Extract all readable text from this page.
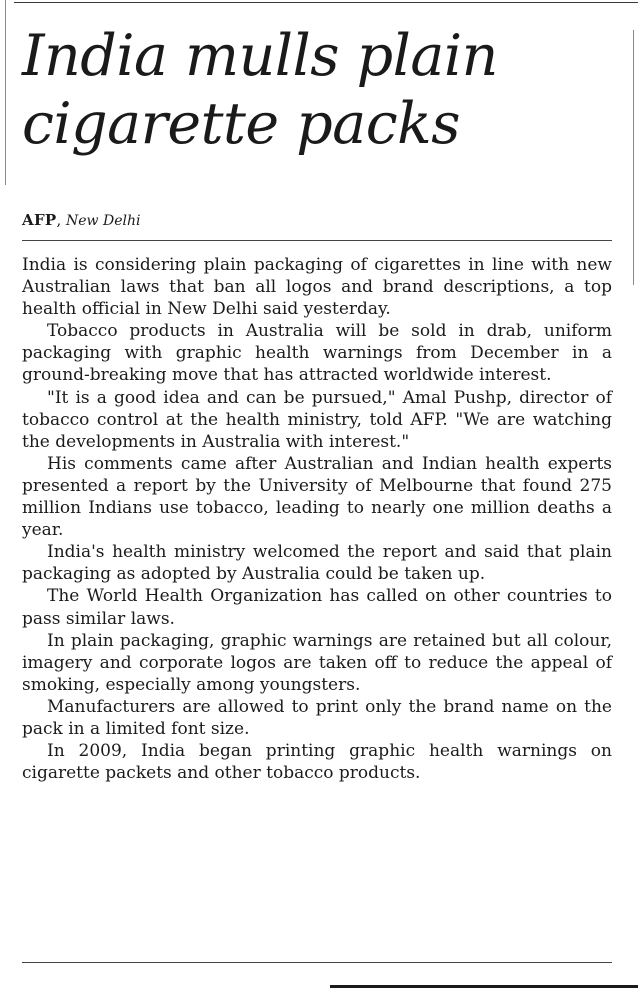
India mulls plain cigarette packs
AFP, New Delhi

India is considering plain packaging of cigarettes in line with new Australian laws that ban all logos and brand descriptions, a top health official in New Delhi said yesterday.

Tobacco products in Australia will be sold in drab, uniform packaging with graphic health warnings from December in a ground-breaking move that has attracted worldwide interest.

"It is a good idea and can be pursued," Amal Pushp, director of tobacco control at the health ministry, told AFP. "We are watching the developments in Australia with interest."

His comments came after Australian and Indian health experts presented a report by the University of Melbourne that found 275 million Indians use tobacco, leading to nearly one million deaths a year.

India's health ministry welcomed the report and said that plain packaging as adopted by Australia could be taken up.

The World Health Organization has called on other countries to pass similar laws.

In plain packaging, graphic warnings are retained but all colour, imagery and corporate logos are taken off to reduce the appeal of smoking, especially among youngsters.

Manufacturers are allowed to print only the brand name on the pack in a limited font size.

In 2009, India began printing graphic health warnings on cigarette packets and other tobacco products.
